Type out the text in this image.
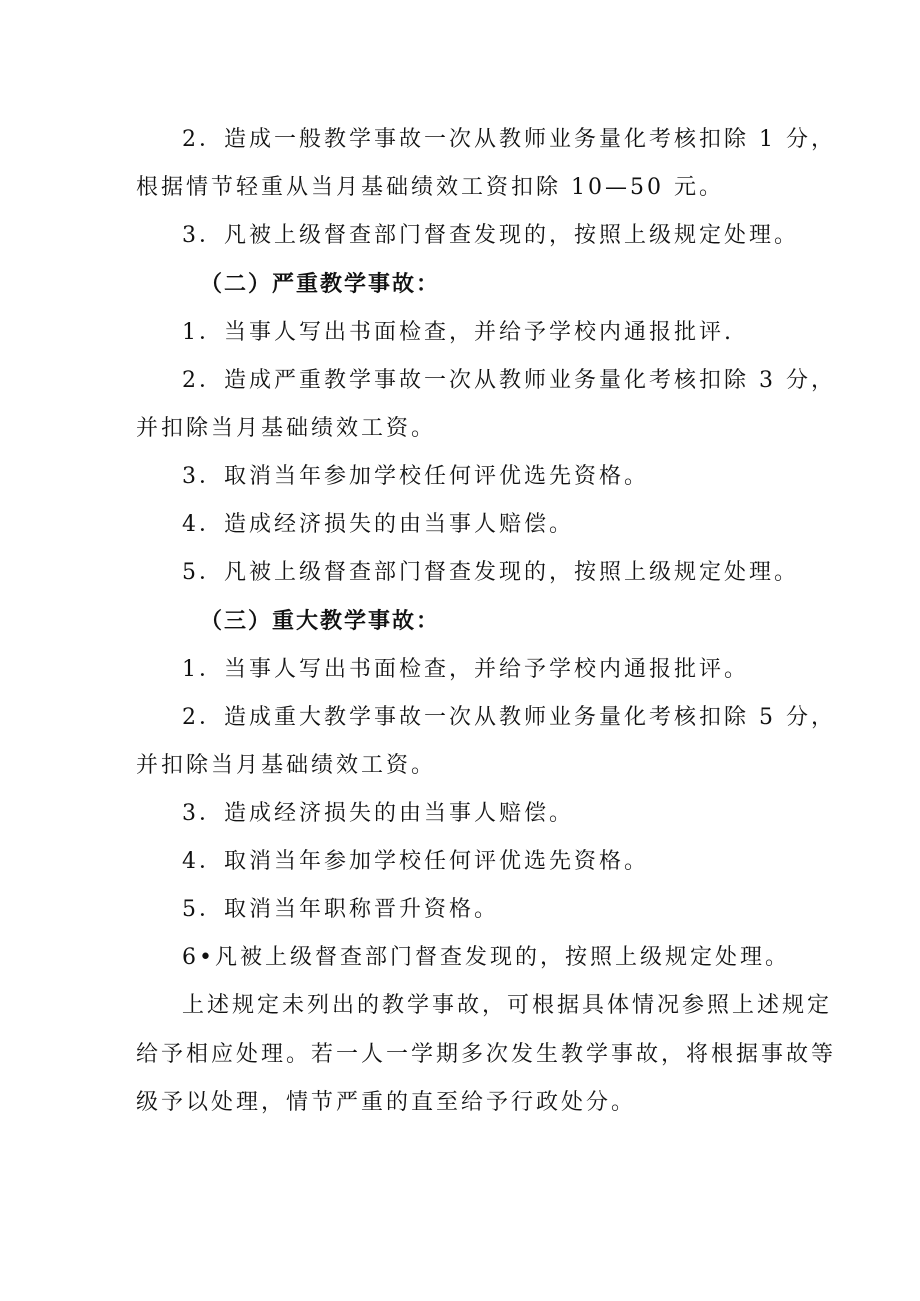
2．造成一般教学事故一次从教师业务量化考核扣除 1 分，
根据情节轻重从当月基础绩效工资扣除 10—50 元。
3．凡被上级督查部门督查发现的，按照上级规定处理。
（二）严重教学事故：
1．当事人写出书面检查，并给予学校内通报批评.
2．造成严重教学事故一次从教师业务量化考核扣除 3 分，
并扣除当月基础绩效工资。
3．取消当年参加学校任何评优选先资格。
4．造成经济损失的由当事人赔偿。
5．凡被上级督查部门督查发现的，按照上级规定处理。
（三）重大教学事故：
1．当事人写出书面检查，并给予学校内通报批评。
2．造成重大教学事故一次从教师业务量化考核扣除 5 分，
并扣除当月基础绩效工资。
3．造成经济损失的由当事人赔偿。
4．取消当年参加学校任何评优选先资格。
5．取消当年职称晋升资格。
6•凡被上级督查部门督查发现的，按照上级规定处理。
上述规定未列出的教学事故，可根据具体情况参照上述规定
给予相应处理。若一人一学期多次发生教学事故，将根据事故等
级予以处理，情节严重的直至给予行政处分。
